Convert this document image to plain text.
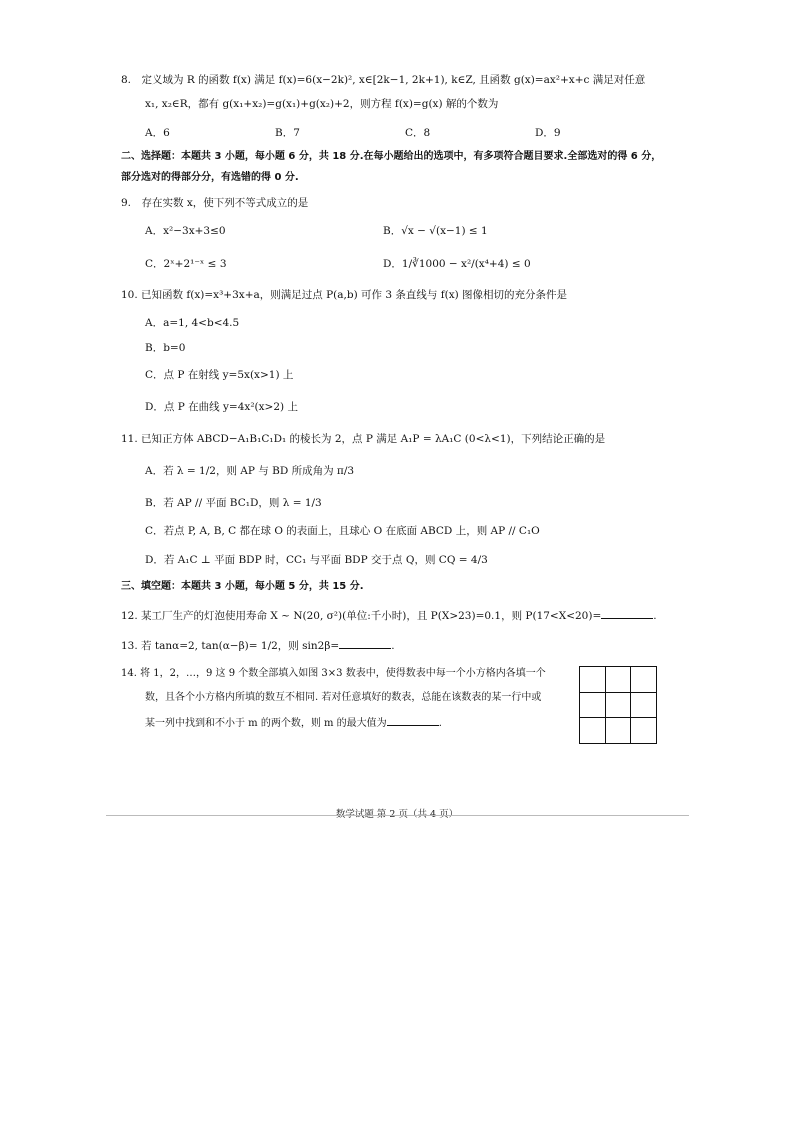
8.　定义域为 R 的函数 f(x) 满足 f(x)=6(x−2k)², x∈[2k−1, 2k+1), k∈Z, 且函数 g(x)=ax²+x+c 满足对任意
x₁, x₂∈R，都有 g(x₁+x₂)=g(x₁)+g(x₂)+2，则方程 f(x)=g(x) 解的个数为
A．6	B．7	C．8	D．9
二、选择题：本题共 3 小题，每小题 6 分，共 18 分.在每小题给出的选项中，有多项符合题目要求.全部选对的得 6 分，
部分选对的得部分分，有选错的得 0 分.
9.　存在实数 x，使下列不等式成立的是
A．x²−3x+3≤0	B．√x − √(x−1) ≤ 1
C．2ˣ+2¹⁻ˣ ≤ 3	D．1/∛1000 − x²/(x⁴+4) ≤ 0
10. 已知函数 f(x)=x³+3x+a，则满足过点 P(a,b) 可作 3 条直线与 f(x) 图像相切的充分条件是
A．a=1, 4<b<4.5
B．b=0
C．点 P 在射线 y=5x(x>1) 上
D．点 P 在曲线 y=4x²(x>2) 上
11. 已知正方体 ABCD−A₁B₁C₁D₁ 的棱长为 2，点 P 满足 A₁P = λA₁C (0<λ<1)，下列结论正确的是
A．若 λ = 1/2，则 AP 与 BD 所成角为 π/3
B．若 AP // 平面 BC₁D，则 λ = 1/3
C．若点 P, A, B, C 都在球 O 的表面上，且球心 O 在底面 ABCD 上，则 AP // C₁O
D．若 A₁C ⊥ 平面 BDP 时，CC₁ 与平面 BDP 交于点 Q，则 CQ = 4/3
三、填空题：本题共 3 小题，每小题 5 分，共 15 分.
12. 某工厂生产的灯泡使用寿命 X ~ N(20, σ²)(单位:千小时)，且 P(X>23)=0.1，则 P(17<X<20)=	.
13. 若 tanα=2, tan(α−β)= 1/2，则 sin2β=	.
14. 将 1，2，…，9 这 9 个数全部填入如图 3×3 数表中，使得数表中每一个小方格内各填一个
数，且各个小方格内所填的数互不相同. 若对任意填好的数表，总能在该数表的某一行中或
某一列中找到和不小于 m 的两个数，则 m 的最大值为	.
数学试题 第 2 页（共 4 页）
